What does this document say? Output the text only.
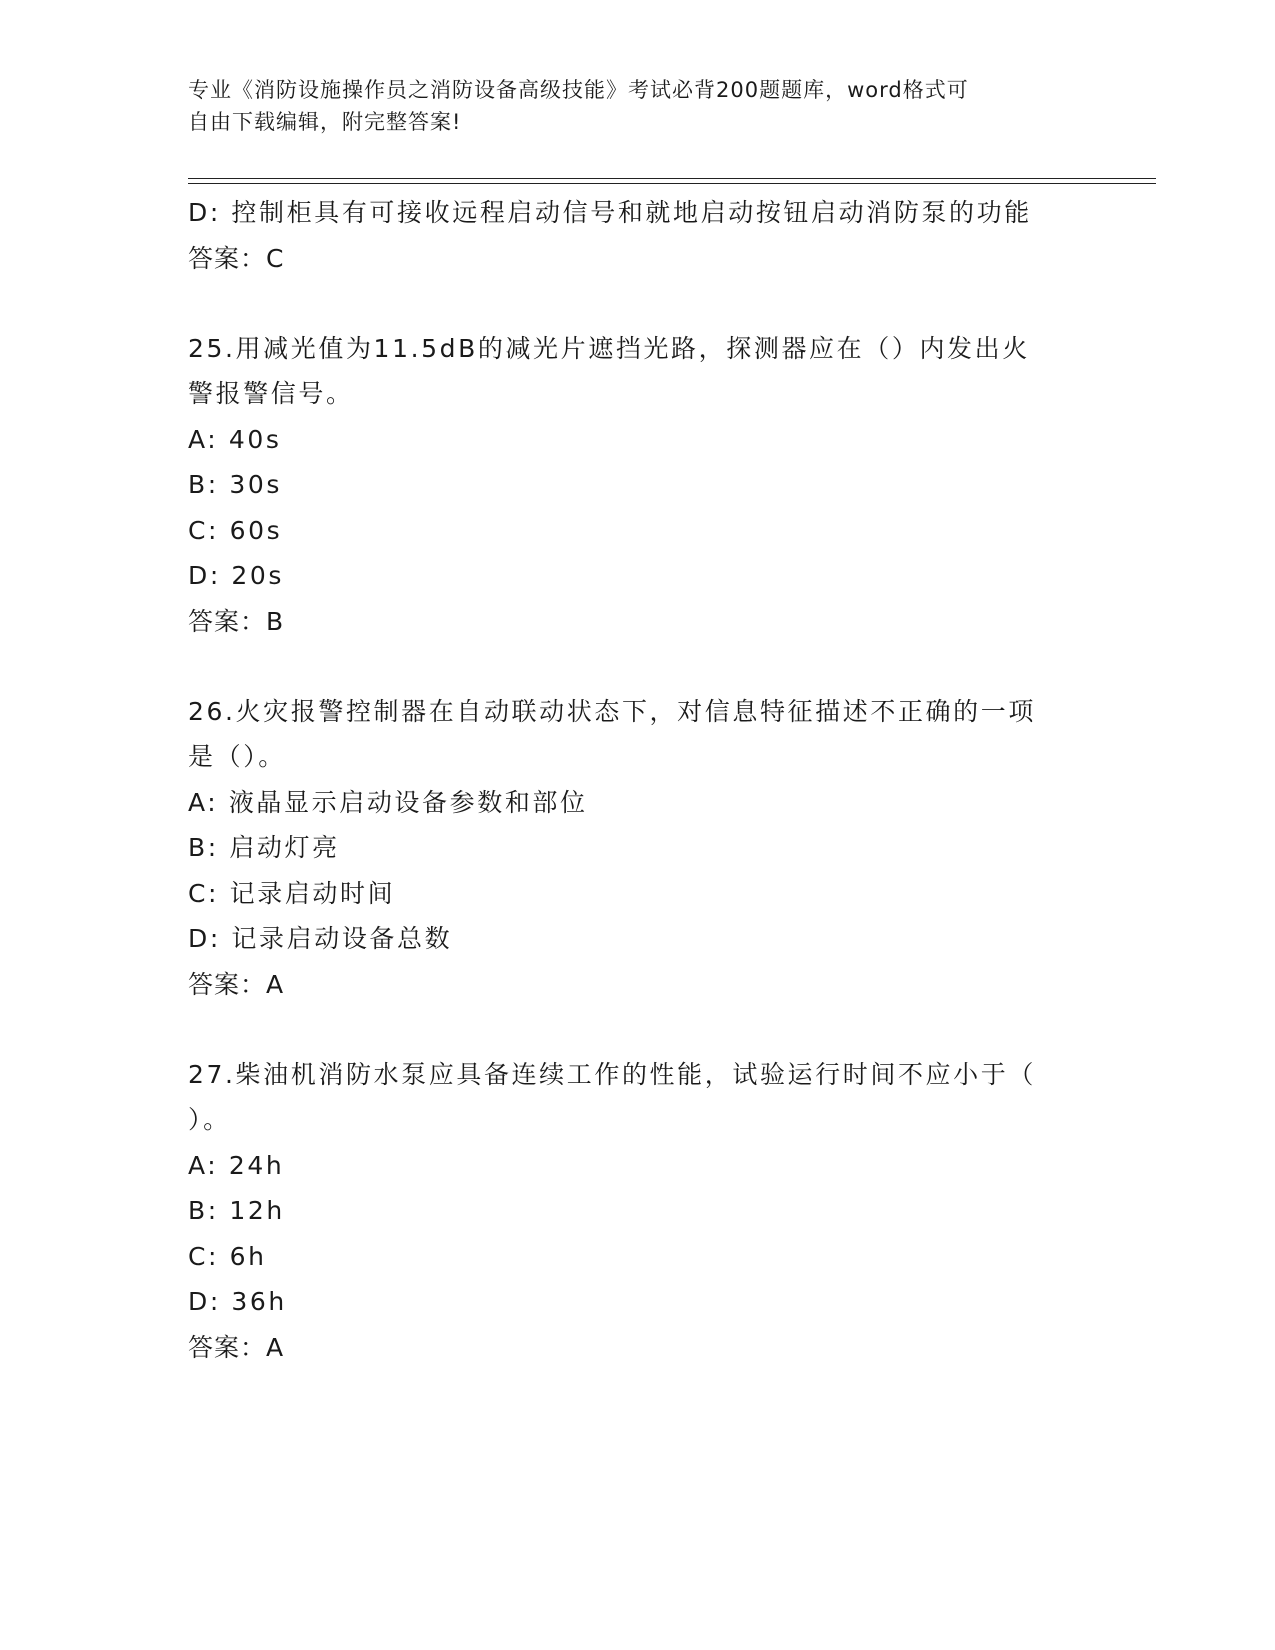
专业《消防设施操作员之消防设备高级技能》考试必背200题题库，word格式可
自由下载编辑，附完整答案!
D: 控制柜具有可接收远程启动信号和就地启动按钮启动消防泵的功能
答案：C
25.用减光值为11.5dB的减光片遮挡光路，探测器应在（）内发出火
警报警信号。
A: 40s
B: 30s
C: 60s
D: 20s
答案：B
26.火灾报警控制器在自动联动状态下，对信息特征描述不正确的一项
是（）。
A: 液晶显示启动设备参数和部位
B: 启动灯亮
C: 记录启动时间
D: 记录启动设备总数
答案：A
27.柴油机消防水泵应具备连续工作的性能，试验运行时间不应小于（
）。
A: 24h
B: 12h
C: 6h
D: 36h
答案：A
